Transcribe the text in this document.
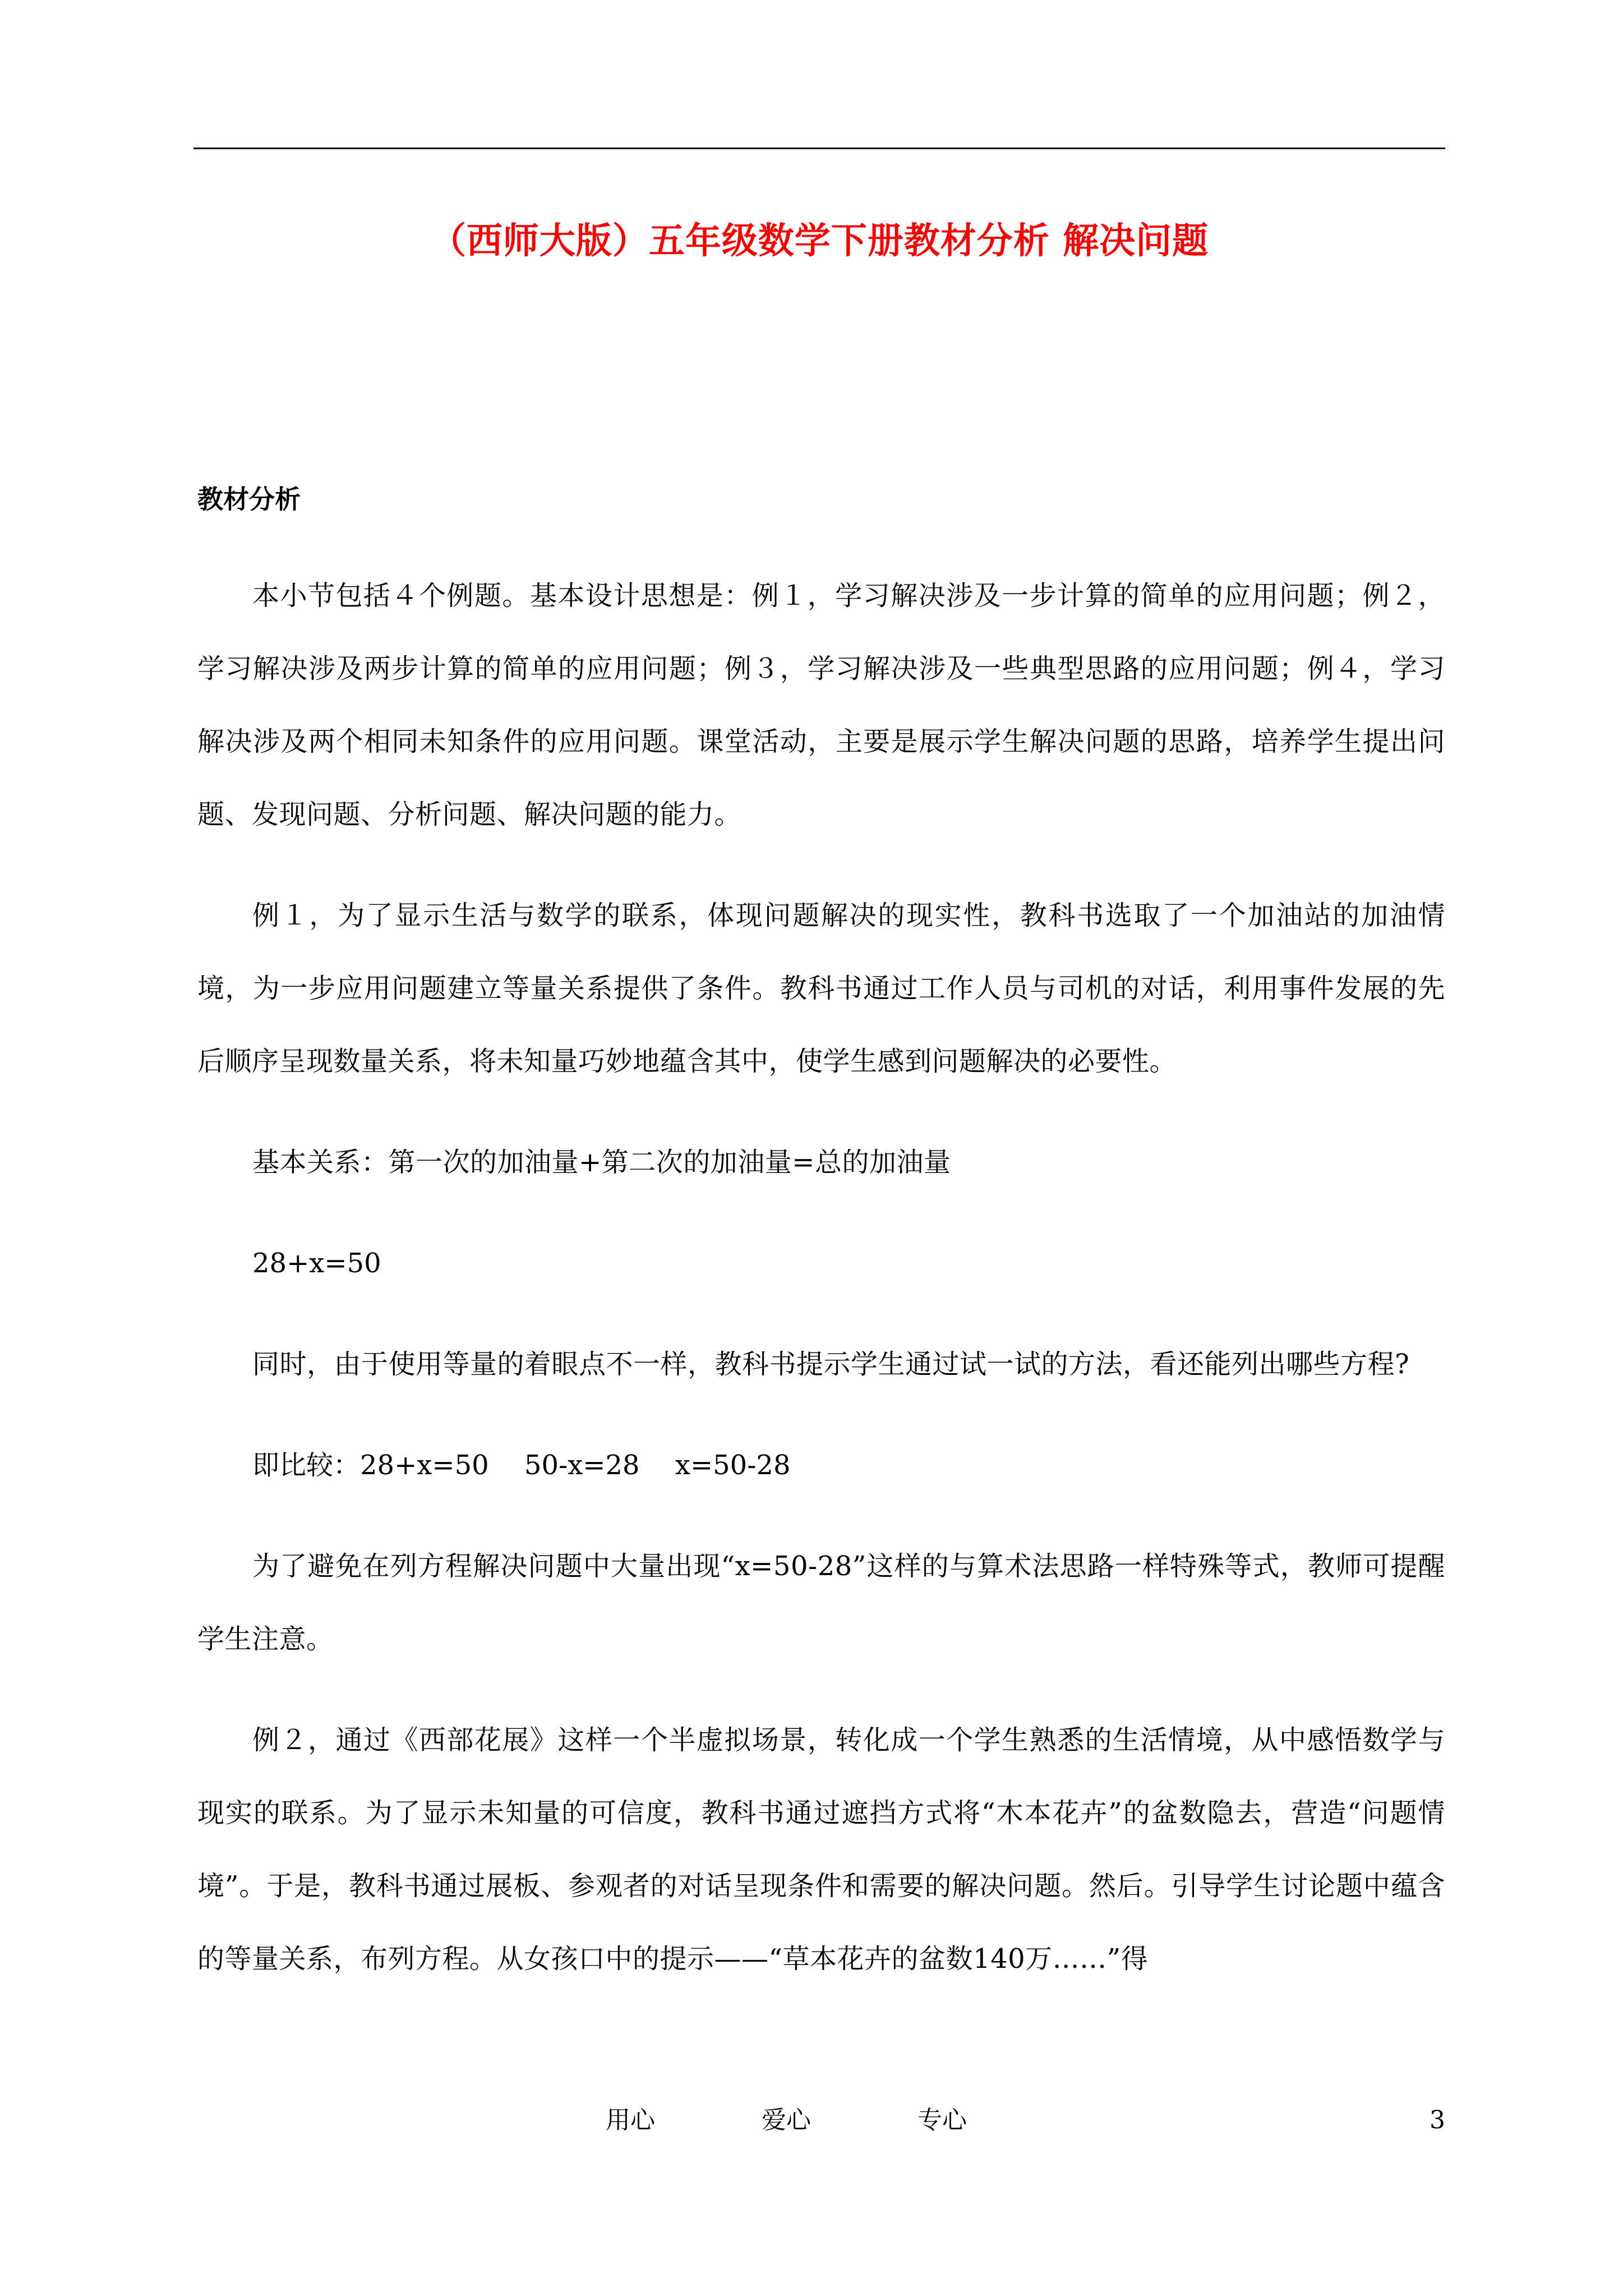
（西师大版）五年级数学下册教材分析 解决问题
教材分析

本小节包括４个例题。基本设计思想是：例１，学习解决涉及一步计算的简单的应用问题；例２，学习解决涉及两步计算的简单的应用问题；例３，学习解决涉及一些典型思路的应用问题；例４，学习解决涉及两个相同未知条件的应用问题。课堂活动，主要是展示学生解决问题的思路，培养学生提出问题、发现问题、分析问题、解决问题的能力。

例１，为了显示生活与数学的联系，体现问题解决的现实性，教科书选取了一个加油站的加油情境，为一步应用问题建立等量关系提供了条件。教科书通过工作人员与司机的对话，利用事件发展的先后顺序呈现数量关系，将未知量巧妙地蕴含其中，使学生感到问题解决的必要性。

基本关系：第一次的加油量+第二次的加油量=总的加油量

28+x=50

同时，由于使用等量的着眼点不一样，教科书提示学生通过试一试的方法，看还能列出哪些方程?

即比较：28+x=50　 50-x=28　 x=50-28

为了避免在列方程解决问题中大量出现“x=50-28”这样的与算术法思路一样特殊等式，教师可提醒学生注意。

例２，通过《西部花展》这样一个半虚拟场景，转化成一个学生熟悉的生活情境，从中感悟数学与现实的联系。为了显示未知量的可信度，教科书通过遮挡方式将“木本花卉”的盆数隐去，营造“问题情境”。于是，教科书通过展板、参观者的对话呈现条件和需要的解决问题。然后。引导学生讨论题中蕴含的等量关系，布列方程。从女孩口中的提示——“草本花卉的盆数140万……”得

用心	爱心	专心	3
